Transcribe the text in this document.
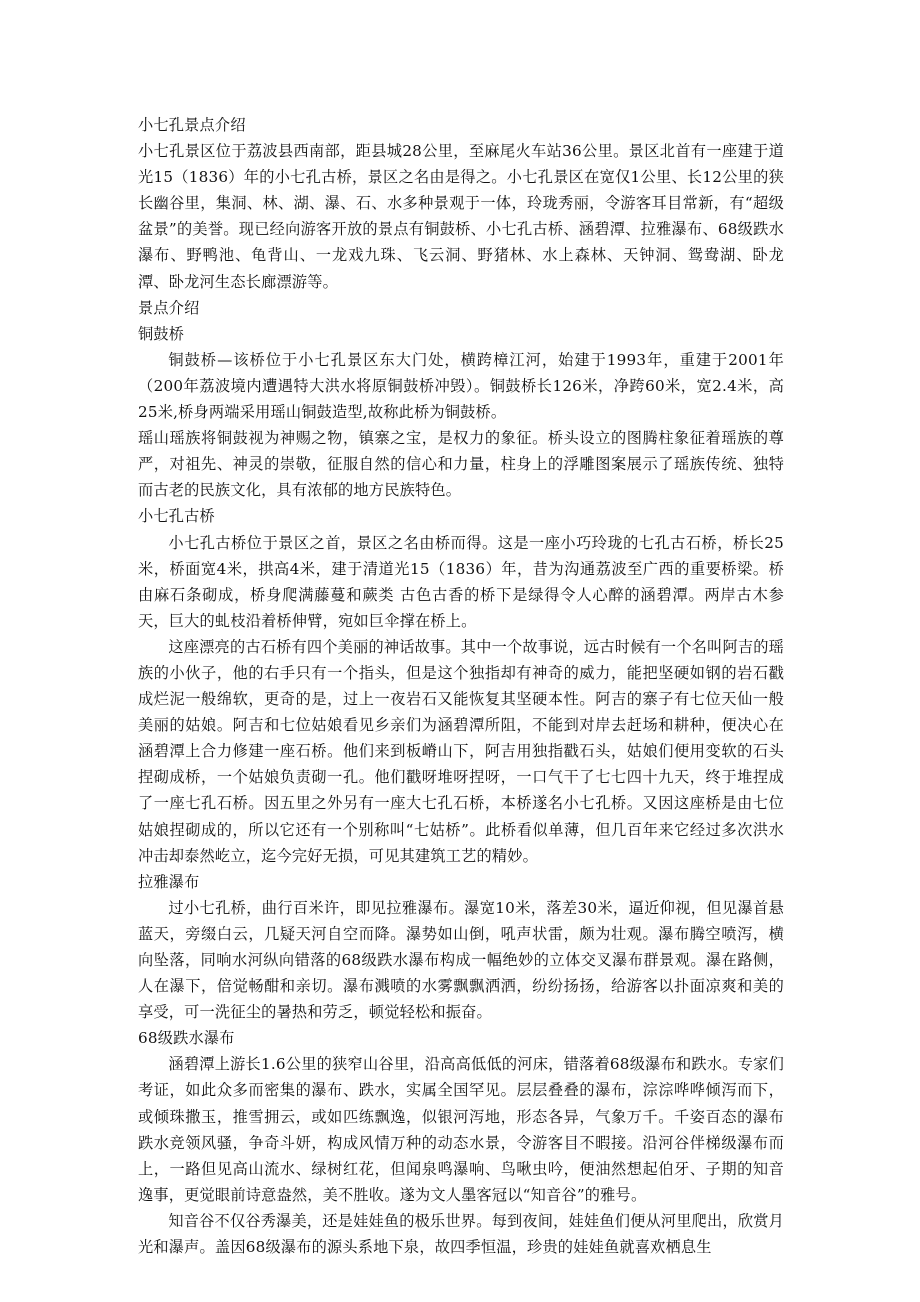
小七孔景点介绍

小七孔景区位于荔波县西南部，距县城28公里，至麻尾火车站36公里。景区北首有一座建于道光15（1836）年的小七孔古桥，景区之名由是得之。小七孔景区在宽仅1公里、长12公里的狭长幽谷里，集洞、林、湖、瀑、石、水多种景观于一体，玲珑秀丽，令游客耳目常新，有“超级盆景”的美誉。现已经向游客开放的景点有铜鼓桥、小七孔古桥、涵碧潭、拉雅瀑布、68级跌水瀑布、野鸭池、龟背山、一龙戏九珠、飞云洞、野猪林、水上森林、天钟洞、鸳鸯湖、卧龙潭、卧龙河生态长廊漂游等。

景点介绍

铜鼓桥

铜鼓桥—该桥位于小七孔景区东大门处，横跨樟江河，始建于1993年，重建于2001年（200年荔波境内遭遇特大洪水将原铜鼓桥冲毁）。铜鼓桥长126米，净跨60米，宽2.4米，高25米,桥身两端采用瑶山铜鼓造型,故称此桥为铜鼓桥。

瑶山瑶族将铜鼓视为神赐之物，镇寨之宝，是权力的象征。桥头设立的图腾柱象征着瑶族的尊严，对祖先、神灵的崇敬，征服自然的信心和力量，柱身上的浮雕图案展示了瑶族传统、独特而古老的民族文化，具有浓郁的地方民族特色。

小七孔古桥

小七孔古桥位于景区之首，景区之名由桥而得。这是一座小巧玲珑的七孔古石桥，桥长25米，桥面宽4米，拱高4米，建于清道光15（1836）年，昔为沟通荔波至广西的重要桥梁。桥由麻石条砌成，桥身爬满藤蔓和蕨类 古色古香的桥下是绿得令人心醉的涵碧潭。两岸古木参天，巨大的虬枝沿着桥伸臂，宛如巨伞撑在桥上。

这座漂亮的古石桥有四个美丽的神话故事。其中一个故事说，远古时候有一个名叫阿吉的瑶族的小伙子，他的右手只有一个指头，但是这个独指却有神奇的威力，能把坚硬如钢的岩石戳成烂泥一般绵软，更奇的是，过上一夜岩石又能恢复其坚硬本性。阿吉的寨子有七位天仙一般美丽的姑娘。阿吉和七位姑娘看见乡亲们为涵碧潭所阻，不能到对岸去赶场和耕种，便决心在涵碧潭上合力修建一座石桥。他们来到板嵴山下，阿吉用独指戳石头，姑娘们便用变软的石头捏砌成桥，一个姑娘负责砌一孔。他们戳呀堆呀捏呀，一口气干了七七四十九天，终于堆捏成了一座七孔石桥。因五里之外另有一座大七孔石桥，本桥遂名小七孔桥。又因这座桥是由七位姑娘捏砌成的，所以它还有一个别称叫“七姑桥”。此桥看似单薄，但几百年来它经过多次洪水冲击却泰然屹立，迄今完好无损，可见其建筑工艺的精妙。

拉雅瀑布

过小七孔桥，曲行百米许，即见拉雅瀑布。瀑宽10米，落差30米，逼近仰视，但见瀑首悬蓝天，旁缀白云，几疑天河自空而降。瀑势如山倒，吼声状雷，颇为壮观。瀑布腾空喷泻，横向坠落，同响水河纵向错落的68级跌水瀑布构成一幅绝妙的立体交叉瀑布群景观。瀑在路侧，人在瀑下，倍觉畅酣和亲切。瀑布溅喷的水雾飘飘洒洒，纷纷扬扬，给游客以扑面凉爽和美的享受，可一洗征尘的暑热和劳乏，顿觉轻松和振奋。

68级跌水瀑布

涵碧潭上游长1.6公里的狭窄山谷里，沿高高低低的河床，错落着68级瀑布和跌水。专家们考证，如此众多而密集的瀑布、跌水，实属全国罕见。层层叠叠的瀑布，淙淙哗哗倾泻而下，或倾珠撒玉，推雪拥云，或如匹练飘逸，似银河泻地，形态各异，气象万千。千姿百态的瀑布跌水竞领风骚，争奇斗妍，构成风情万种的动态水景，令游客目不暇接。沿河谷伴梯级瀑布而上，一路但见高山流水、绿树红花，但闻泉鸣瀑响、鸟啾虫吟，便油然想起伯牙、子期的知音逸事，更觉眼前诗意盎然，美不胜收。遂为文人墨客冠以“知音谷”的雅号。

知音谷不仅谷秀瀑美，还是娃娃鱼的极乐世界。每到夜间，娃娃鱼们便从河里爬出，欣赏月光和瀑声。盖因68级瀑布的源头系地下泉，故四季恒温，珍贵的娃娃鱼就喜欢栖息生
